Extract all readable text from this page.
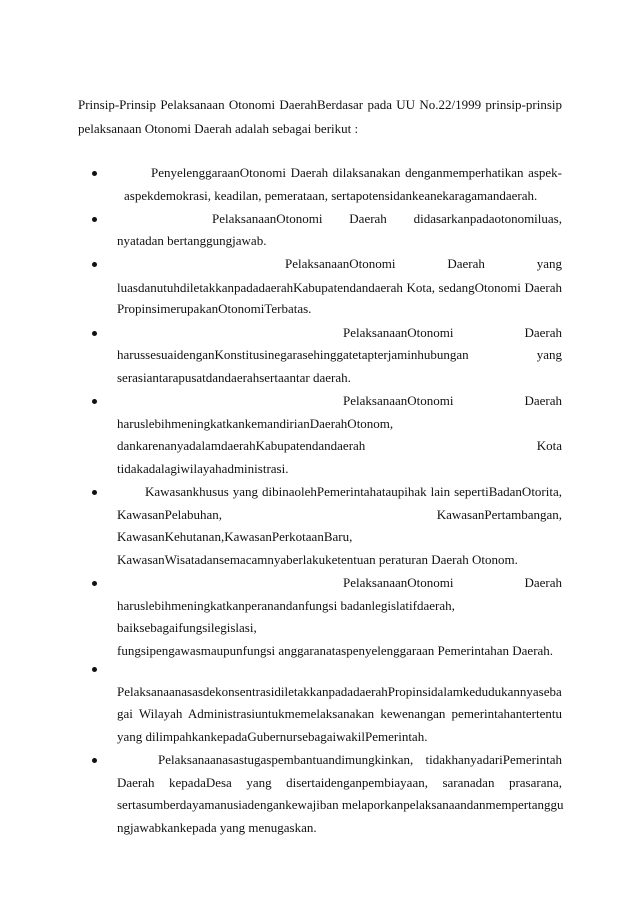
Prinsip-Prinsip Pelaksanaan Otonomi DaerahBerdasar pada UU No.22/1999 prinsip-prinsip
pelaksanaan Otonomi Daerah adalah sebagai berikut :
PenyelenggaraanOtonomi Daerah dilaksanakan denganmemperhatikan aspek-
aspekdemokrasi, keadilan, pemerataan, sertapotensidankeanekaragamandaerah.
PelaksanaanOtonomi Daerah didasarkanpadaotonomiluas,
nyatadan bertanggungjawab.
PelaksanaanOtonomi Daerah yang
luasdanutuhdiletakkanpadadaerahKabupatendandaerah Kota, sedangOtonomi Daerah
PropinsimerupakanOtonomiTerbatas.
PelaksanaanOtonomi Daerah
harussesuaidenganKonstitusinegarasehinggatetapterjaminhubungan yang
serasiantarapusatdandaerahsertaantar daerah.
PelaksanaanOtonomi Daerah
haruslebihmeningkatkankemandirianDaerahOtonom,
dankarenanyadalamdaerahKabupatendandaerah Kota
tidakadalagiwilayahadministrasi.
Kawasankhusus yang dibinaolehPemerintahataupihak lain sepertiBadanOtorita,
KawasanPelabuhan, KawasanPertambangan,
KawasanKehutanan,KawasanPerkotaanBaru,
KawasanWisatadansemacamnyaberlakuketentuan peraturan Daerah Otonom.
PelaksanaanOtonomi Daerah
haruslebihmeningkatkanperanandanfungsi badanlegislatifdaerah,
baiksebagaifungsilegislasi,
fungsipengawasmaupunfungsi anggaranataspenyelenggaraan Pemerintahan Daerah.
PelaksanaanasasdekonsentrasidiletakkanpadadaerahPropinsidalamkedudukannyaseba
gai Wilayah Administrasiuntukmemelaksanakan kewenangan pemerintahantertentu
yang dilimpahkankepadaGubernursebagaiwakilPemerintah.
Pelaksanaanasastugaspembantuandimungkinkan, tidakhanyadariPemerintah
Daerah kepadaDesa yang disertaidenganpembiayaan, saranadan prasarana,
sertasumberdayamanusiadengankewajiban melaporkanpelaksanaandanmempertanggu
ngjawabkankepada yang menugaskan.
